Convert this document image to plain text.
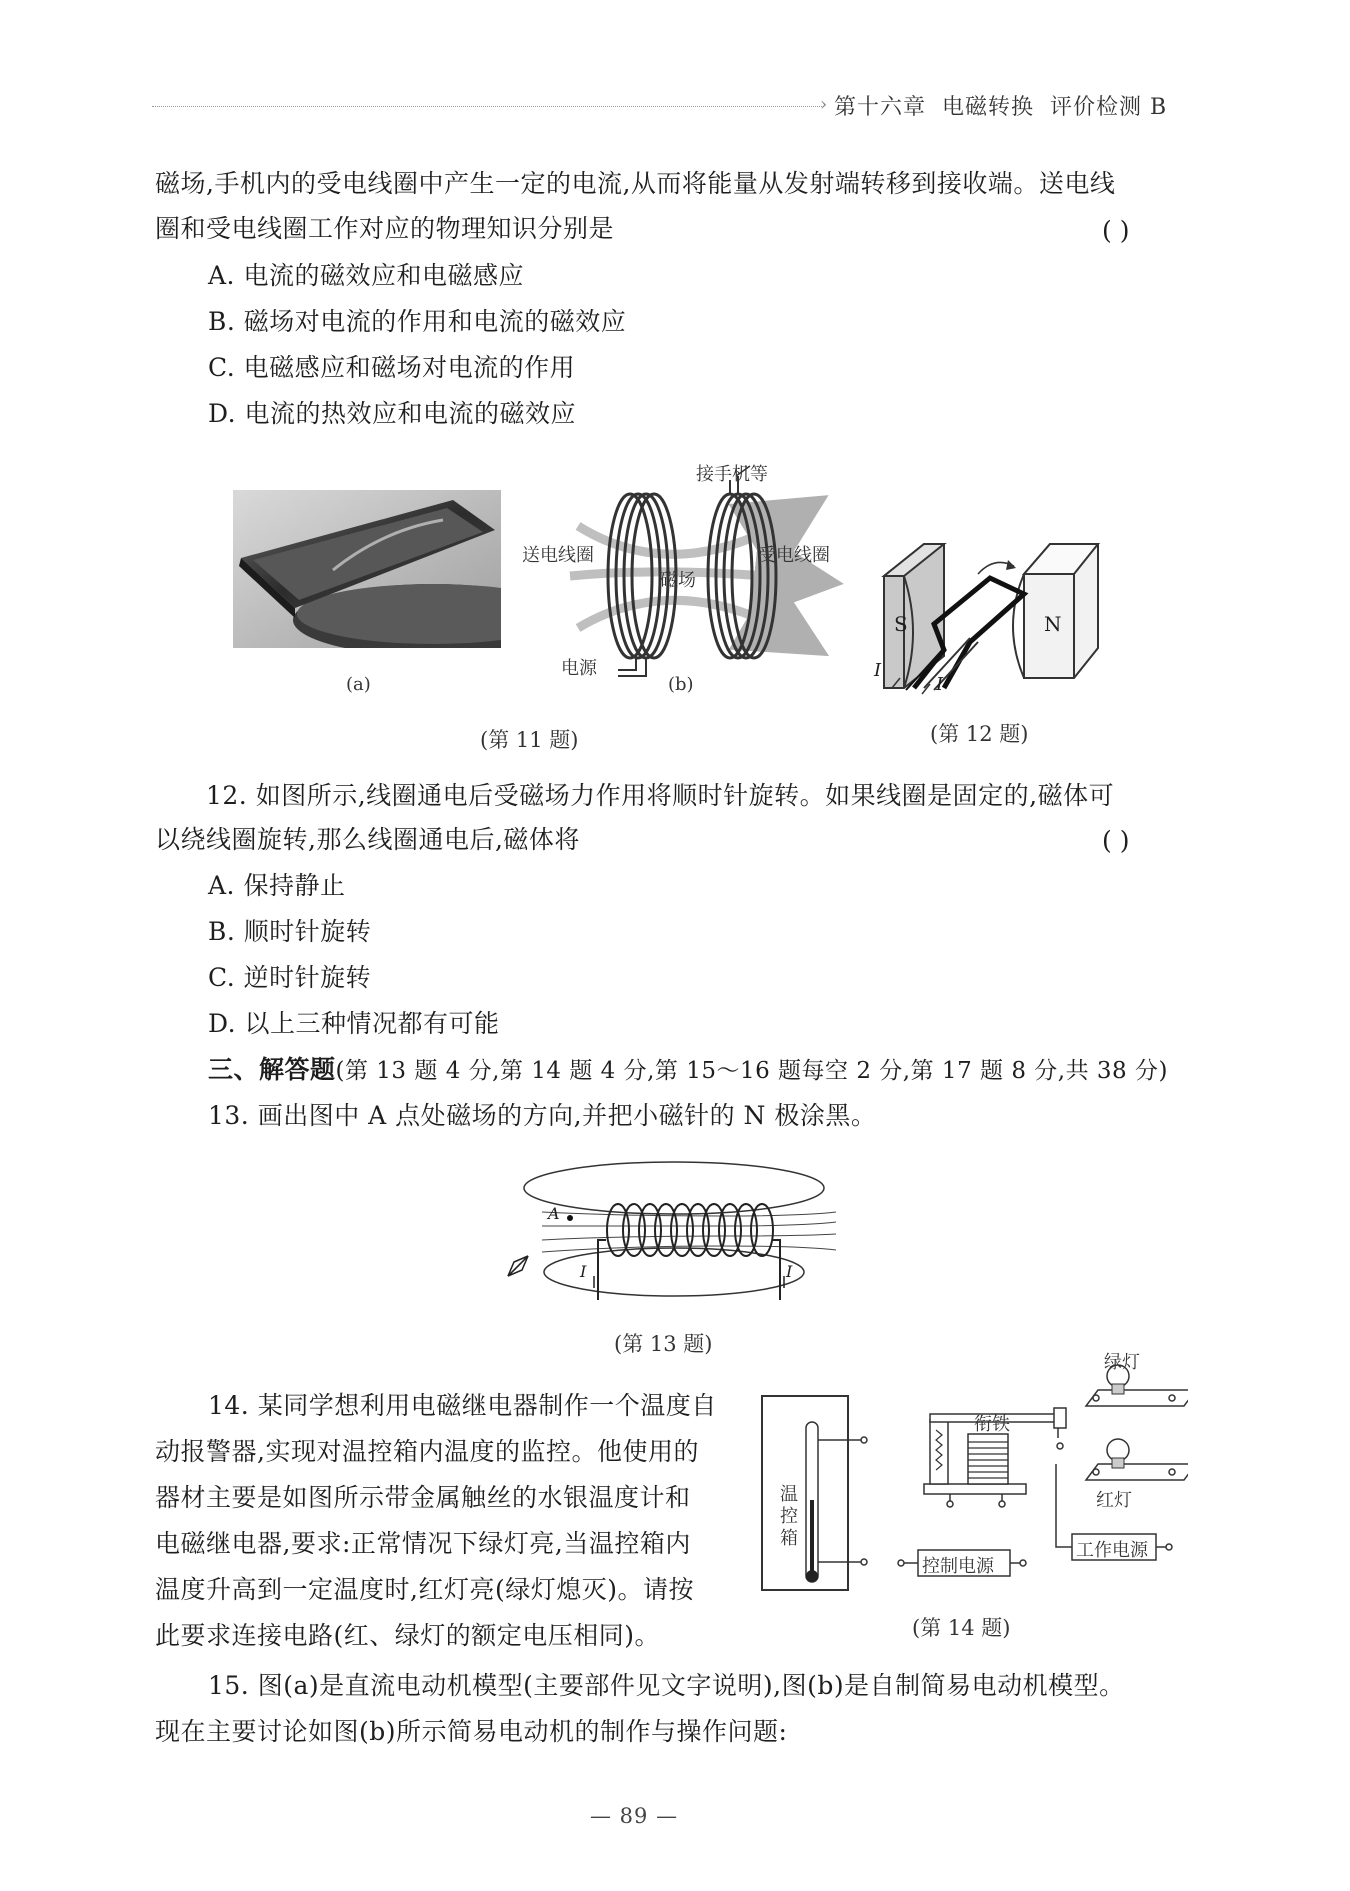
› 第十六章  电磁转换  评价检测 B
磁场,手机内的受电线圈中产生一定的电流,从而将能量从发射端转移到接收端。送电线
圈和受电线圈工作对应的物理知识分别是	( )
A. 电流的磁效应和电磁感应
B. 磁场对电流的作用和电流的磁效应
C. 电磁感应和磁场对电流的作用
D. 电流的热效应和电流的磁效应
(a)
接手机等
送电线圈	受电线圈
磁场
电源
(b)
(第 11 题)
S	N
I
I
(第 12 题)
12. 如图所示,线圈通电后受磁场力作用将顺时针旋转。如果线圈是固定的,磁体可
以绕线圈旋转,那么线圈通电后,磁体将	( )
A. 保持静止
B. 顺时针旋转
C. 逆时针旋转
D. 以上三种情况都有可能
三、解答题(第 13 题 4 分,第 14 题 4 分,第 15～16 题每空 2 分,第 17 题 8 分,共 38 分)
13. 画出图中 A 点处磁场的方向,并把小磁针的 N 极涂黑。
A
I	I
(第 13 题)
14. 某同学想利用电磁继电器制作一个温度自
动报警器,实现对温控箱内温度的监控。他使用的
器材主要是如图所示带金属触丝的水银温度计和
电磁继电器,要求:正常情况下绿灯亮,当温控箱内
温度升高到一定温度时,红灯亮(绿灯熄灭)。请按
此要求连接电路(红、绿灯的额定电压相同)。
绿灯
红灯
衔铁
温
控
箱
控制电源
工作电源
(第 14 题)
15. 图(a)是直流电动机模型(主要部件见文字说明),图(b)是自制简易电动机模型。
现在主要讨论如图(b)所示简易电动机的制作与操作问题:
— 89 —
